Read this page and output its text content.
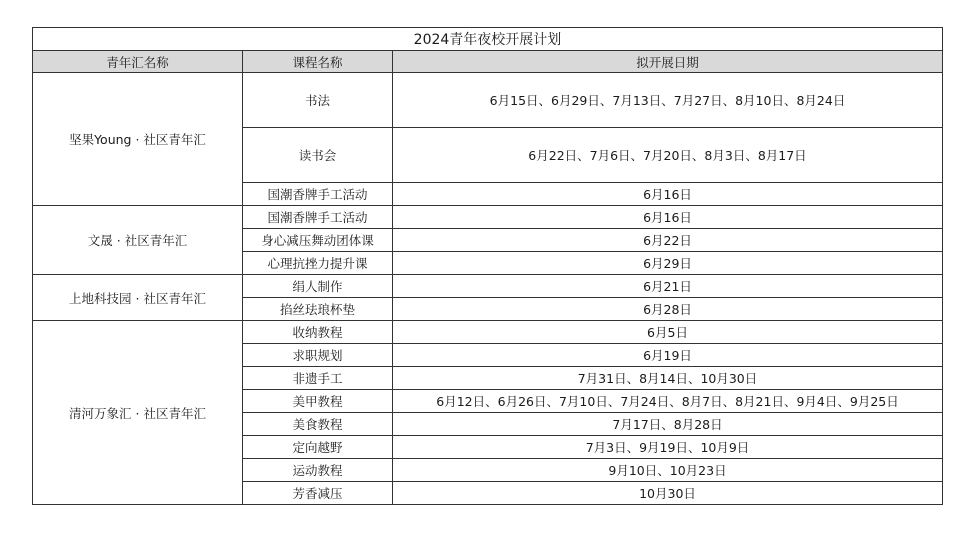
2024青年夜校开展计划		
青年汇名称	课程名称	拟开展日期
坚果Young · 社区青年汇	书法	6月15日、6月29日、7月13日、7月27日、8月10日、8月24日
	读书会	6月22日、7月6日、7月20日、8月3日、8月17日
	国潮香牌手工活动	6月16日
文晟 · 社区青年汇	国潮香牌手工活动	6月16日
	身心减压舞动团体课	6月22日
	心理抗挫力提升课	6月29日
上地科技园 · 社区青年汇	绢人制作	6月21日
	掐丝珐琅杯垫	6月28日
清河万象汇 · 社区青年汇	收纳教程	6月5日
	求职规划	6月19日
	非遗手工	7月31日、8月14日、10月30日
	美甲教程	6月12日、6月26日、7月10日、7月24日、8月7日、8月21日、9月4日、9月25日
	美食教程	7月17日、8月28日
	定向越野	7月3日、9月19日、10月9日
	运动教程	9月10日、10月23日
	芳香减压	10月30日
